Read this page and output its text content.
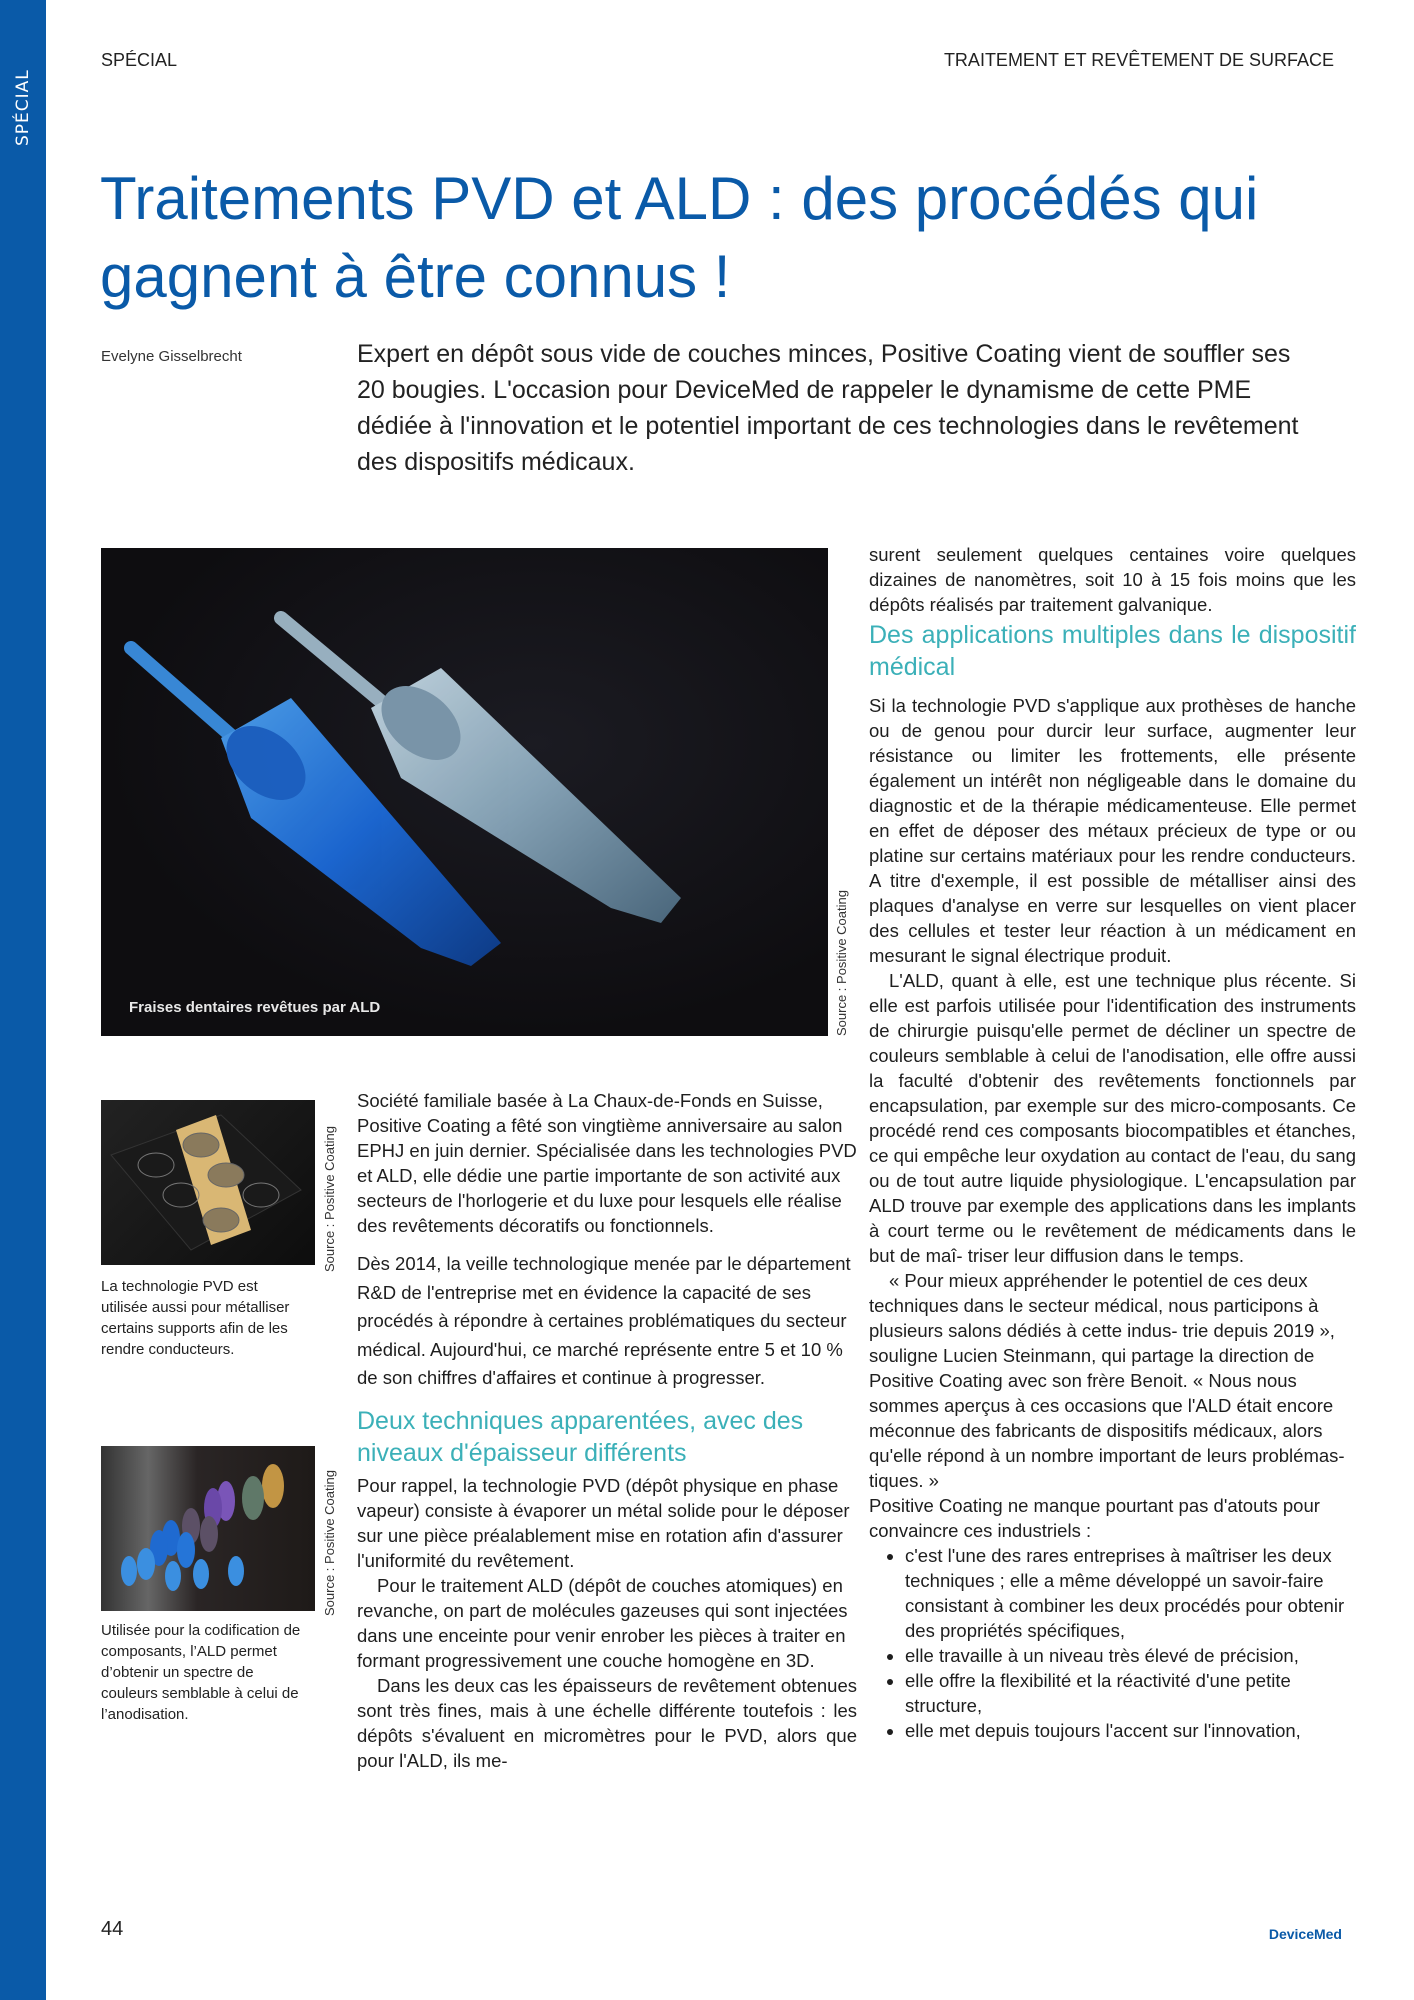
SPÉCIAL
SPÉCIAL	TRAITEMENT ET REVÊTEMENT DE SURFACE
Traitements PVD et ALD : des procédés qui gagnent à être connus !
Evelyne Gisselbrecht	Expert en dépôt sous vide de couches minces, Positive Coating vient de souffler ses 20 bougies. L'occasion pour DeviceMed de rappeler le dynamisme de cette PME dédiée à l'innovation et le potentiel important de ces technologies dans le revêtement des dispositifs médicaux.
Fraises dentaires revêtues par ALD	Source : Positive Coating
Source : Positive Coating
La technologie PVD est utilisée aussi pour métalliser certains supports afin de les rendre conducteurs.
Source : Positive Coating
Utilisée pour la codification de composants, l’ALD permet d’obtenir un spectre de couleurs semblable à celui de l’anodisation.

Société familiale basée à La Chaux-de-Fonds en Suisse, Positive Coating a fêté son vingtième anniversaire au salon EPHJ en juin dernier. Spécialisée dans les technologies PVD et ALD, elle dédie une partie importante de son activité aux secteurs de l'horlogerie et du luxe pour lesquels elle réalise des revêtements décoratifs ou fonctionnels.

Dès 2014, la veille technologique menée par le département R&D de l'entreprise met en évidence la capacité de ses procédés à répondre à certaines problématiques du secteur médical. Aujourd'hui, ce marché représente entre 5 et 10 % de son chiffres d'affaires et continue à progresser.

Deux techniques apparentées, avec des niveaux d'épaisseur différents

Pour rappel, la technologie PVD (dépôt physique en phase vapeur) consiste à évaporer un métal solide pour le déposer sur une pièce préalablement mise en rotation afin d'assurer l'uniformité du revêtement.

Pour le traitement ALD (dépôt de couches atomiques) en revanche, on part de molécules gazeuses qui sont injectées dans une enceinte pour venir enrober les pièces à traiter en formant progressivement une couche homogène en 3D.

Dans les deux cas les épaisseurs de revêtement obtenues sont très fines, mais à une échelle différente toutefois : les dépôts s'évaluent en micromètres pour le PVD, alors que pour l'ALD, ils me-

surent seulement quelques centaines voire quelques dizaines de nanomètres, soit 10 à 15 fois moins que les dépôts réalisés par traitement galvanique.

Des applications multiples dans le dispositif médical

Si la technologie PVD s'applique aux prothèses de hanche ou de genou pour durcir leur surface, augmenter leur résistance ou limiter les frottements, elle présente également un intérêt non négligeable dans le domaine du diagnostic et de la thérapie médicamenteuse. Elle permet en effet de déposer des métaux précieux de type or ou platine sur certains matériaux pour les rendre conducteurs. A titre d'exemple, il est possible de métalliser ainsi des plaques d'analyse en verre sur lesquelles on vient placer des cellules et tester leur réaction à un médicament en mesurant le signal électrique produit.

L'ALD, quant à elle, est une technique plus récente. Si elle est parfois utilisée pour l'identification des instruments de chirurgie puisqu'elle permet de décliner un spectre de couleurs semblable à celui de l'anodisation, elle offre aussi la faculté d'obtenir des revêtements fonctionnels par encapsulation, par exemple sur des micro-composants. Ce procédé rend ces composants biocompatibles et étanches, ce qui empêche leur oxydation au contact de l'eau, du sang ou de tout autre liquide physiologique. L'encapsulation par ALD trouve par exemple des applications dans les implants à court terme ou le revêtement de médicaments dans le but de maî- triser leur diffusion dans le temps.

« Pour mieux appréhender le potentiel de ces deux techniques dans le secteur médical, nous participons à plusieurs salons dédiés à cette indus- trie depuis 2019 », souligne Lucien Steinmann, qui partage la direction de Positive Coating avec son frère Benoit. « Nous nous sommes aperçus à ces occasions que l'ALD était encore méconnue des fabricants de dispositifs médicaux, alors qu'elle répond à un nombre important de leurs problémas- tiques. »

Positive Coating ne manque pourtant pas d'atouts pour convaincre ces industriels :

• c'est l'une des rares entreprises à maîtriser les deux techniques ; elle a même développé un savoir-faire consistant à combiner les deux procédés pour obtenir des propriétés spécifiques,
• elle travaille à un niveau très élevé de précision,
• elle offre la flexibilité et la réactivité d'une petite structure,
• elle met depuis toujours l'accent sur l'innovation,
44	DeviceMed
